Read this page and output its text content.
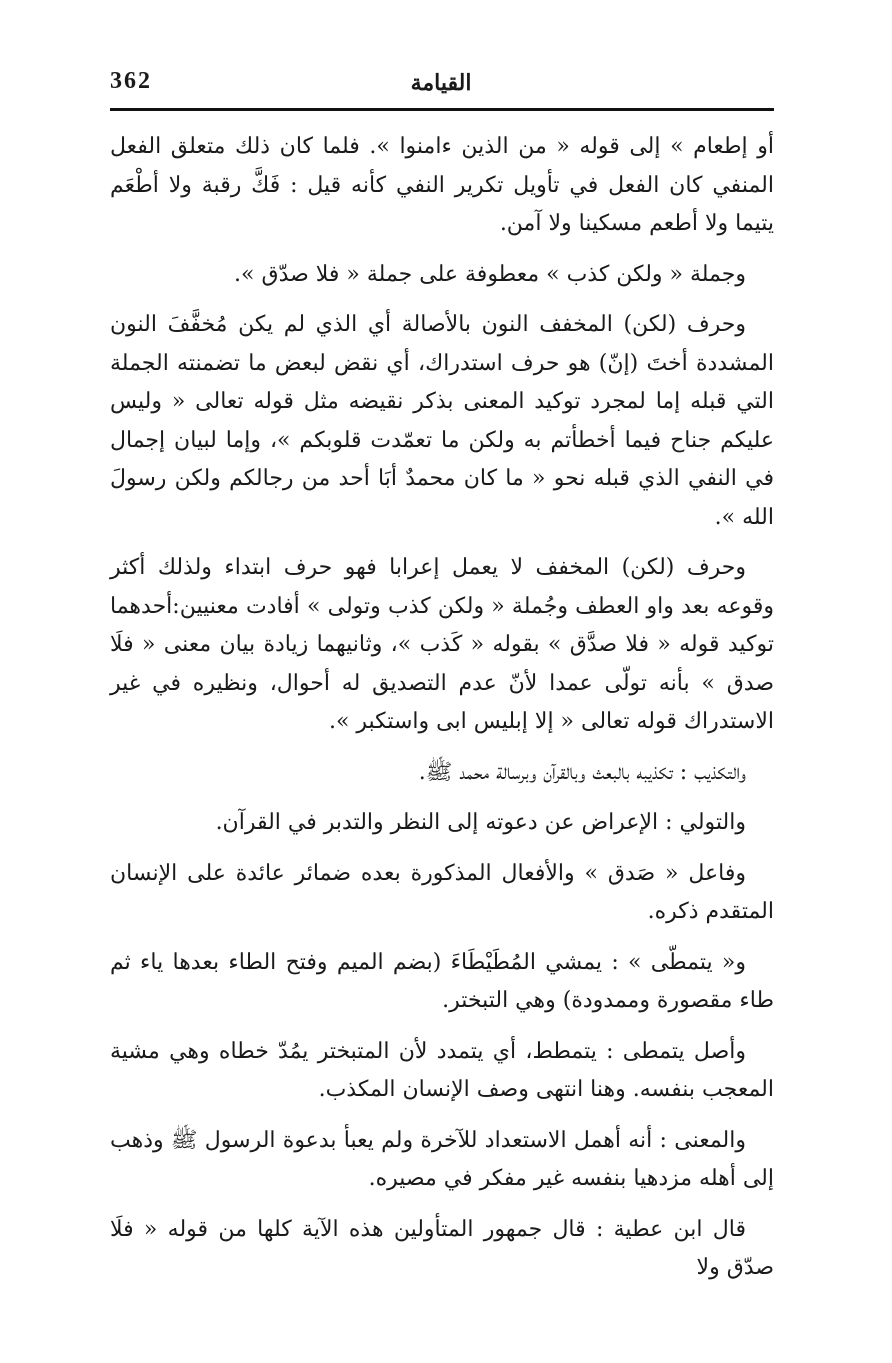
362	القيامة

أو إطعام » إلى قوله « من الذين ءامنوا ». فلما كان ذلك متعلق الفعل المنفي كان الفعل في تأويل تكرير النفي كأنه قيل : فَكَّ رقبة ولا أطْعَم يتيما ولا أطعم مسكينا ولا آمن.

وجملة « ولكن كذب » معطوفة على جملة « فلا صدّق ».

وحرف (لكن) المخفف النون بالأصالة أي الذي لم يكن مُخفَّفَ النون المشددة أختَ (إنّ) هو حرف استدراك، أي نقض لبعض ما تضمنته الجملة التي قبله إما لمجرد توكيد المعنى بذكر نقيضه مثل قوله تعالى « وليس عليكم جناح فيما أخطأتم به ولكن ما تعمّدت قلوبكم »، وإما لبيان إجمال في النفي الذي قبله نحو « ما كان محمدٌ أبَا أحد من رجالكم ولكن رسولَ الله ».

وحرف (لكن) المخفف لا يعمل إعرابا فهو حرف ابتداء ولذلك أكثر وقوعه بعد واو العطف وجُملة « ولكن كذب وتولى » أفادت معنيين:أحدهما توكيد قوله « فلا صدَّق » بقوله « كَذب »، وثانيهما زيادة بيان معنى « فلَا صدق » بأنه تولّى عمدا لأنّ عدم التصديق له أحوال، ونظيره في غير الاستدراك قوله تعالى « إلا إبليس ابى واستكبر ».

والتكذيب : تكذيبه بالبعث وبالقرآن وبرسالة محمد ﷺ.

والتولي : الإعراض عن دعوته إلى النظر والتدبر في القرآن.

وفاعل « صَدق » والأفعال المذكورة بعده ضمائر عائدة على الإنسان المتقدم ذكره.

و« يتمطّى » : يمشي المُطَيْطَاءَ (بضم الميم وفتح الطاء بعدها ياء ثم طاء مقصورة وممدودة) وهي التبختر.

وأصل يتمطى : يتمطط، أي يتمدد لأن المتبختر يمُدّ خطاه وهي مشية المعجب بنفسه. وهنا انتهى وصف الإنسان المكذب.

والمعنى : أنه أهمل الاستعداد للآخرة ولم يعبأ بدعوة الرسول ﷺ وذهب إلى أهله مزدهيا بنفسه غير مفكر في مصيره.

قال ابن عطية : قال جمهور المتأولين هذه الآية كلها من قوله « فلَا صدّق ولا
